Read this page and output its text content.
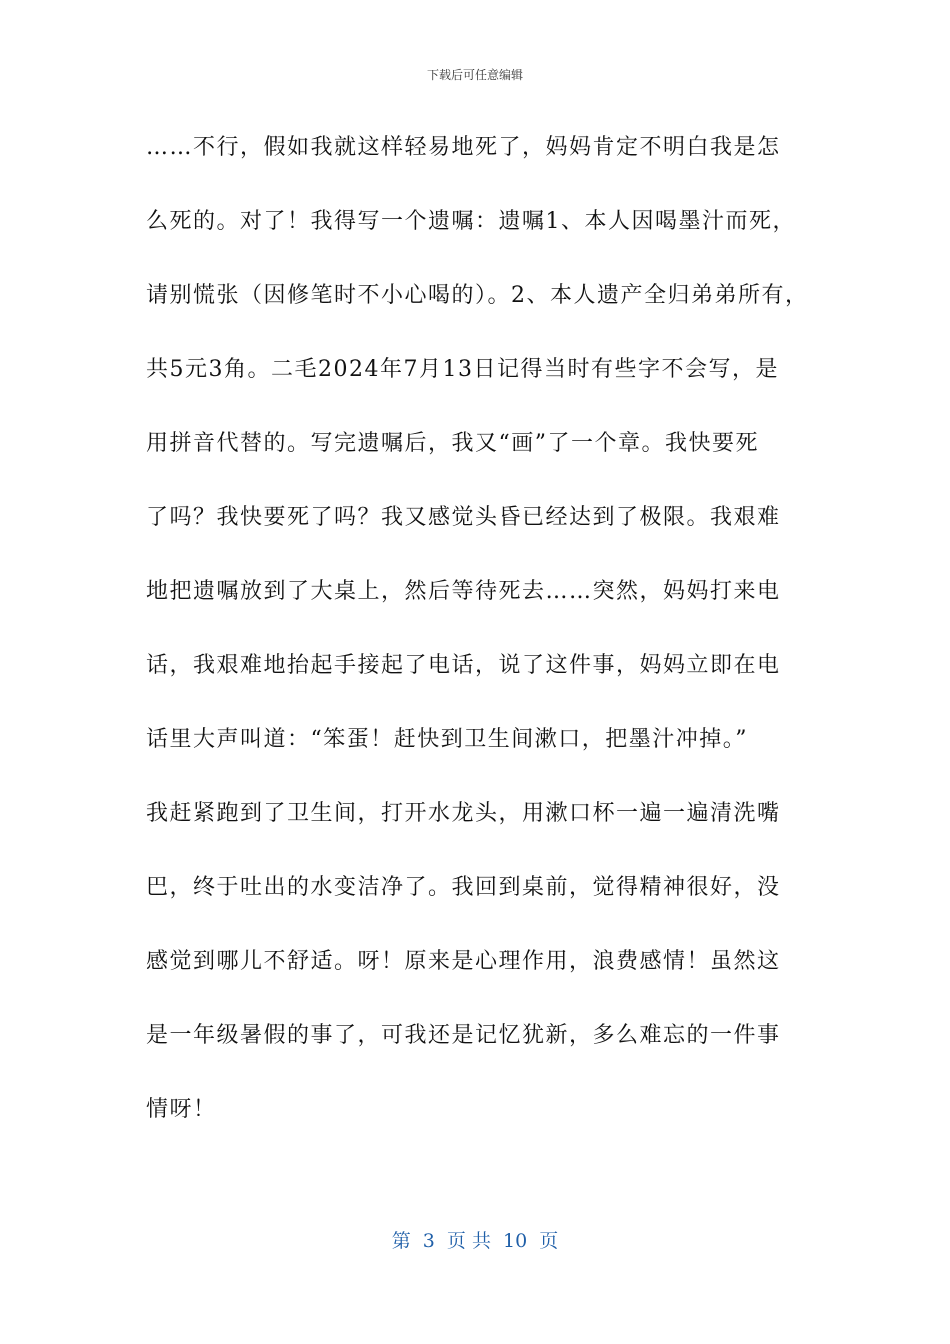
下载后可任意编辑
……不行，假如我就这样轻易地死了，妈妈肯定不明白我是怎
么死的。对了！我得写一个遗嘱：遗嘱1、本人因喝墨汁而死，
请别慌张（因修笔时不小心喝的）。2、本人遗产全归弟弟所有，
共5元3角。二毛2024年7月13日记得当时有些字不会写，是
用拼音代替的。写完遗嘱后，我又“画”了一个章。我快要死
了吗？我快要死了吗？我又感觉头昏已经达到了极限。我艰难
地把遗嘱放到了大桌上，然后等待死去……突然，妈妈打来电
话，我艰难地抬起手接起了电话，说了这件事，妈妈立即在电
话里大声叫道：“笨蛋！赶快到卫生间漱口，把墨汁冲掉。”
我赶紧跑到了卫生间，打开水龙头，用漱口杯一遍一遍清洗嘴
巴，终于吐出的水变洁净了。我回到桌前，觉得精神很好，没
感觉到哪儿不舒适。呀！原来是心理作用，浪费感情！虽然这
是一年级暑假的事了，可我还是记忆犹新，多么难忘的一件事
情呀！
第  3  页 共  10  页
